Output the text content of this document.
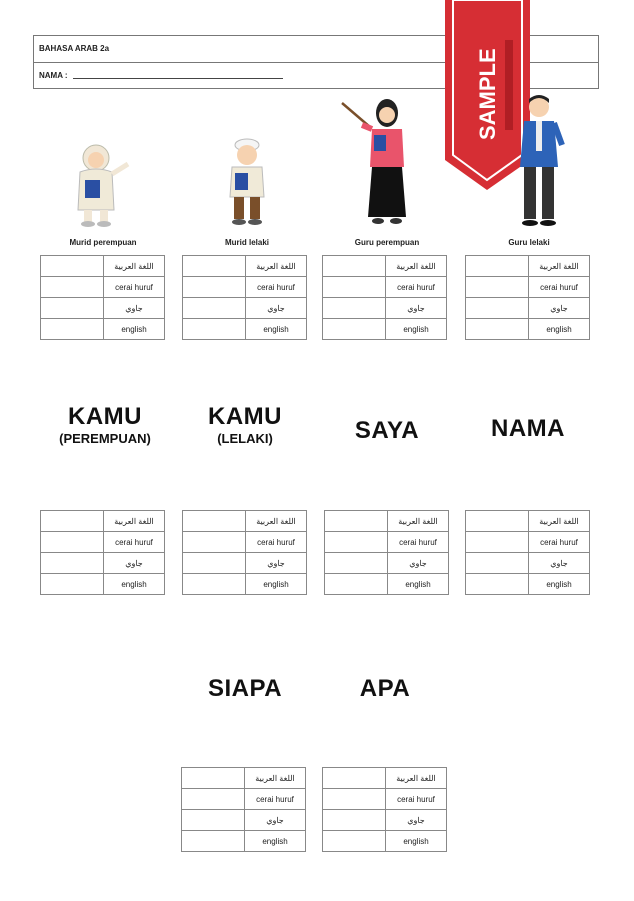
BAHASA ARAB 2a
NAMA :	SAMPLE
Murid perempuan	Murid lelaki	Guru perempuan	Guru lelaki
	اللغة العربية
	cerai huruf
	جاوي
	english
	اللغة العربية
	cerai huruf
	جاوي
	english
	اللغة العربية
	cerai huruf
	جاوي
	english
	اللغة العربية
	cerai huruf
	جاوي
	english
KAMU
(PEREMPUAN)
KAMU
(LELAKI)	SAYA	NAMA
	اللغة العربية
	cerai huruf
	جاوي
	english
	اللغة العربية
	cerai huruf
	جاوي
	english
	اللغة العربية
	cerai huruf
	جاوي
	english
	اللغة العربية
	cerai huruf
	جاوي
	english
SIAPA	APA
	اللغة العربية
	cerai huruf
	جاوي
	english
	اللغة العربية
	cerai huruf
	جاوي
	english
